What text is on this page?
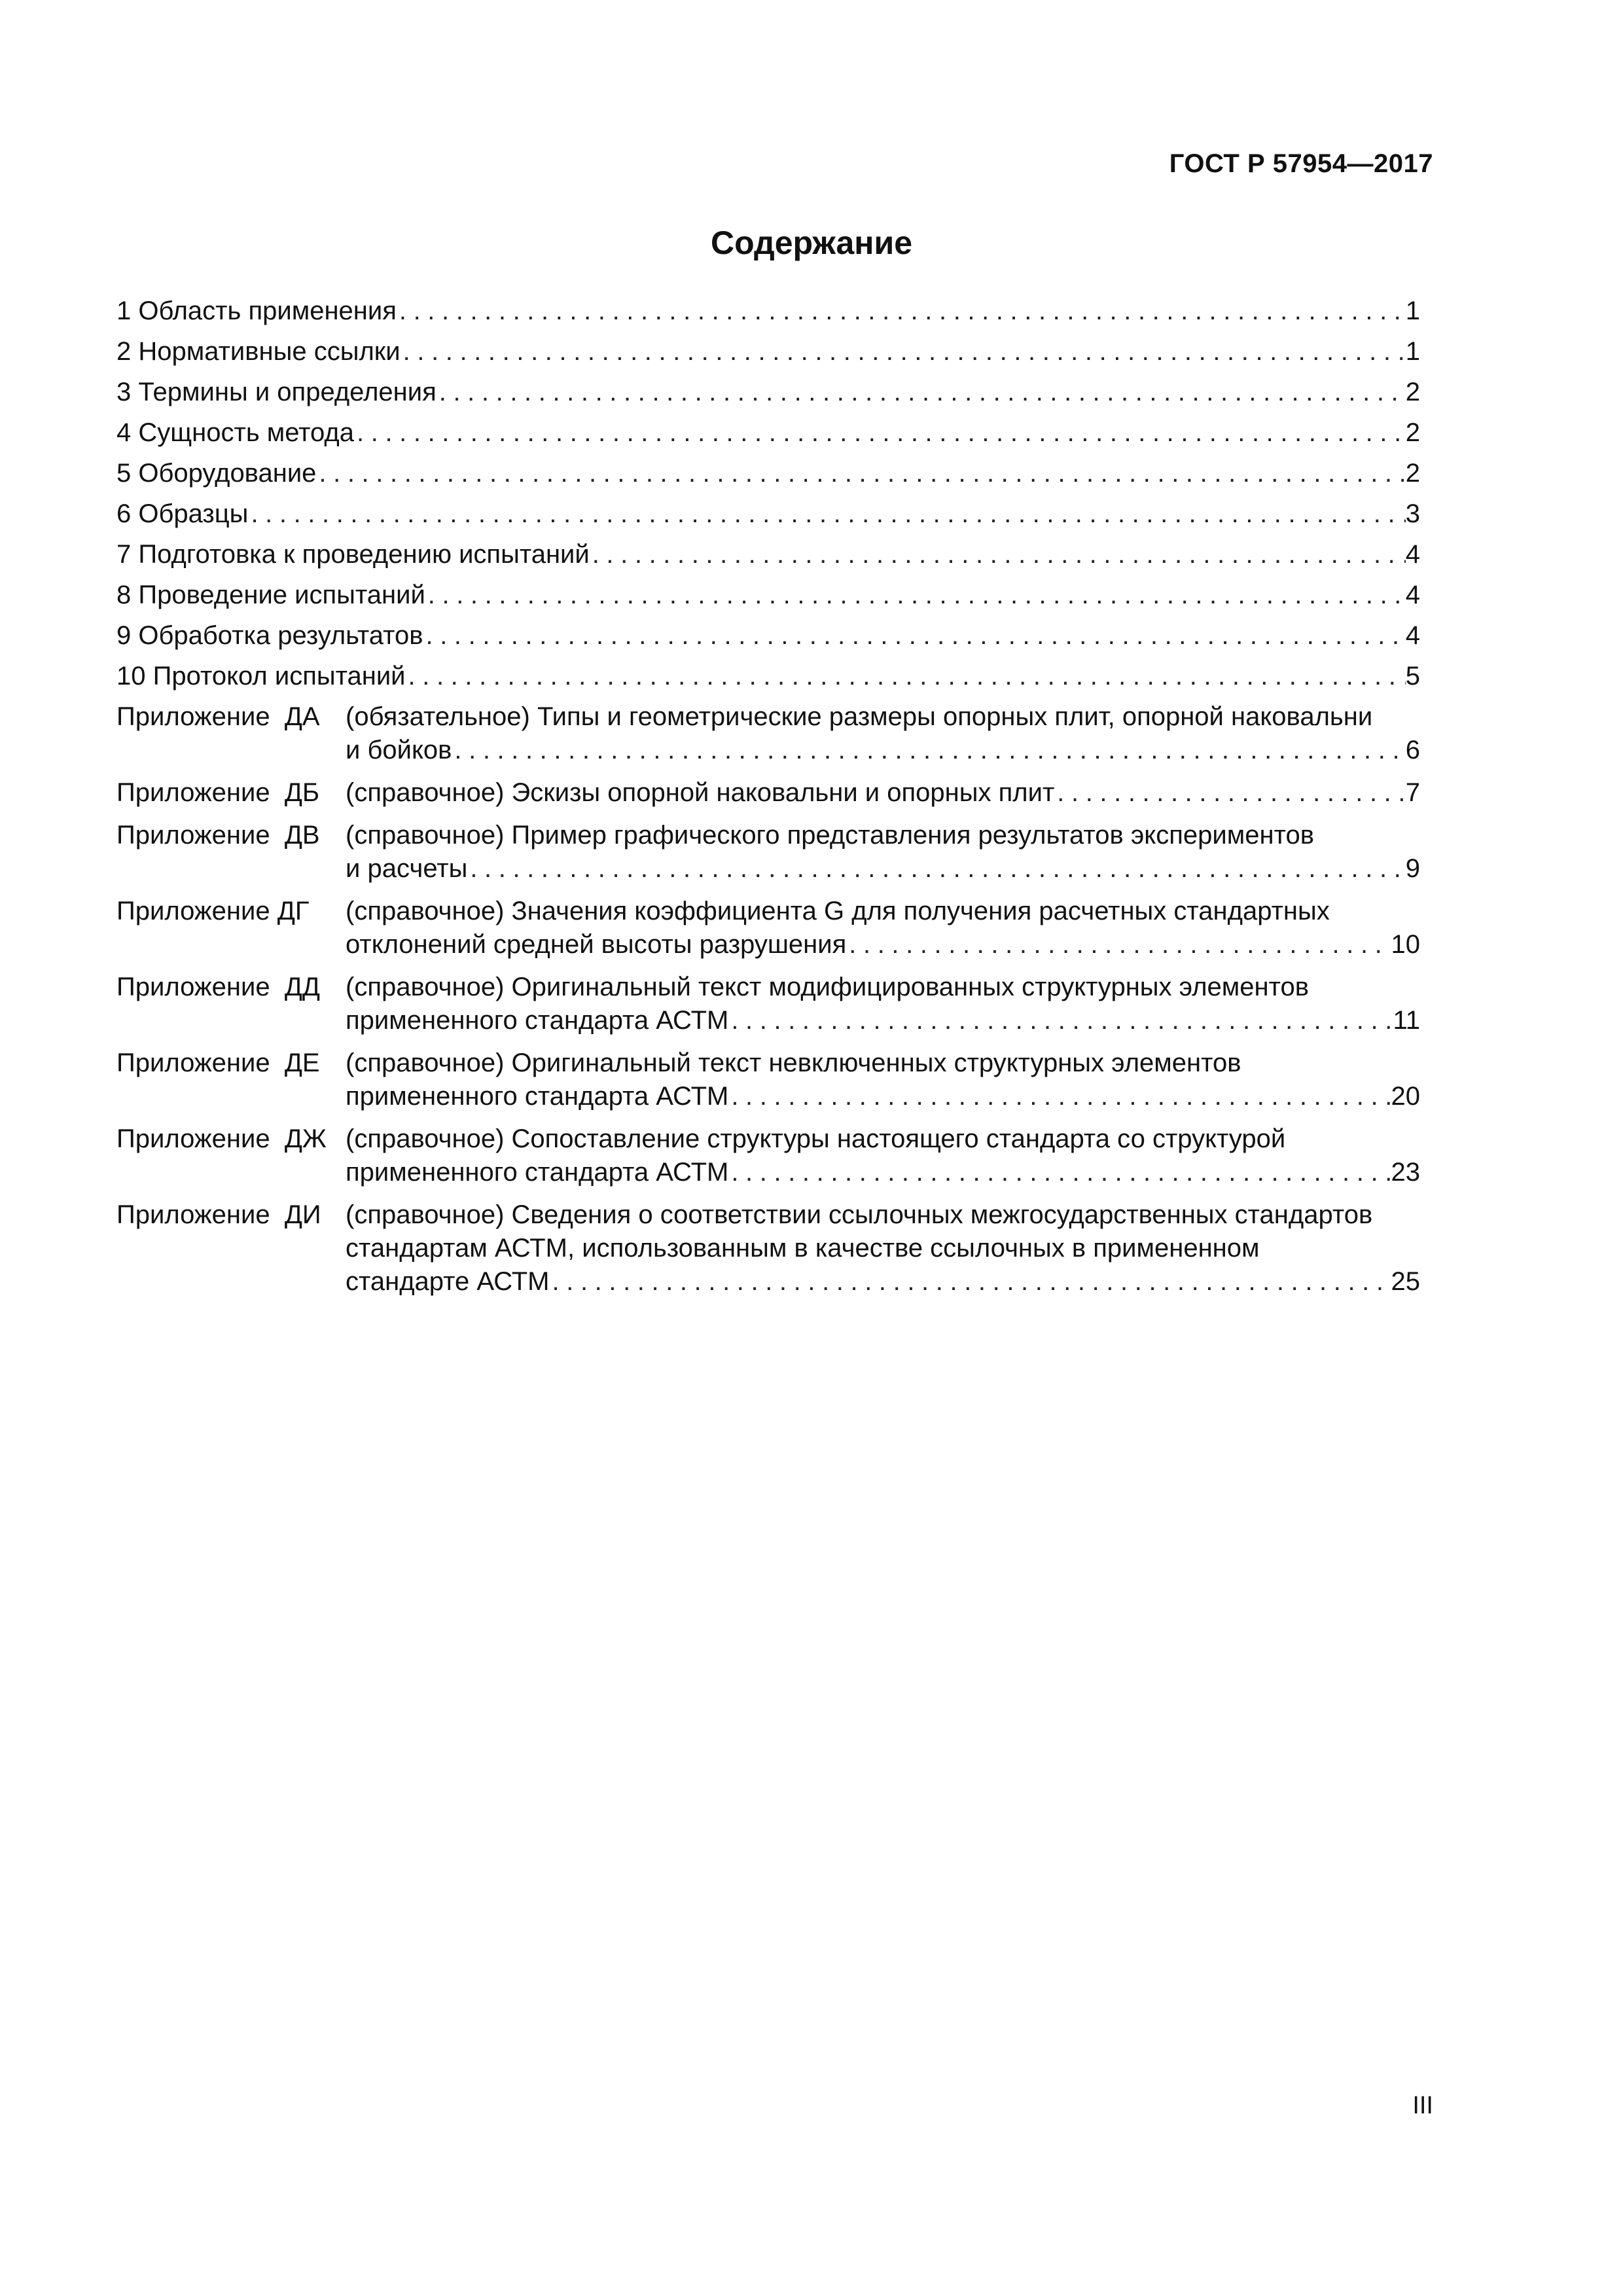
ГОСТ Р 57954—2017
Содержание
1 Область применения .....	1
2 Нормативные ссылки .....	1
3 Термины и определения .....	2
4 Сущность метода .....	2
5 Оборудование .....	2
6 Образцы .....	3
7 Подготовка к проведению испытаний .....	4
8 Проведение испытаний .....	4
9 Обработка результатов .....	4
10 Протокол испытаний .....	5
Приложение  ДА (обязательное) Типы и геометрические размеры опорных плит, опорной наковальни
и бойков .....	6
Приложение  ДБ (справочное) Эскизы опорной наковальни и опорных плит .....	7
Приложение  ДВ (справочное) Пример графического представления результатов экспериментов
и расчеты .....	9
Приложение ДГ	(справочное) Значения коэффициента G для получения расчетных стандартных
отклонений средней высоты разрушения .....	10
Приложение  ДД (справочное) Оригинальный текст модифицированных структурных элементов
примененного стандарта АСТМ .....	11
Приложение  ДЕ (справочное) Оригинальный текст невключенных структурных элементов
примененного стандарта АСТМ .....	20
Приложение  ДЖ (справочное) Сопоставление структуры настоящего стандарта со структурой
примененного стандарта АСТМ .....	23
Приложение  ДИ (справочное) Сведения о соответствии ссылочных межгосударственных стандартов
стандартам АСТМ, использованным в качестве ссылочных в примененном
стандарте АСТМ .....	25
III
